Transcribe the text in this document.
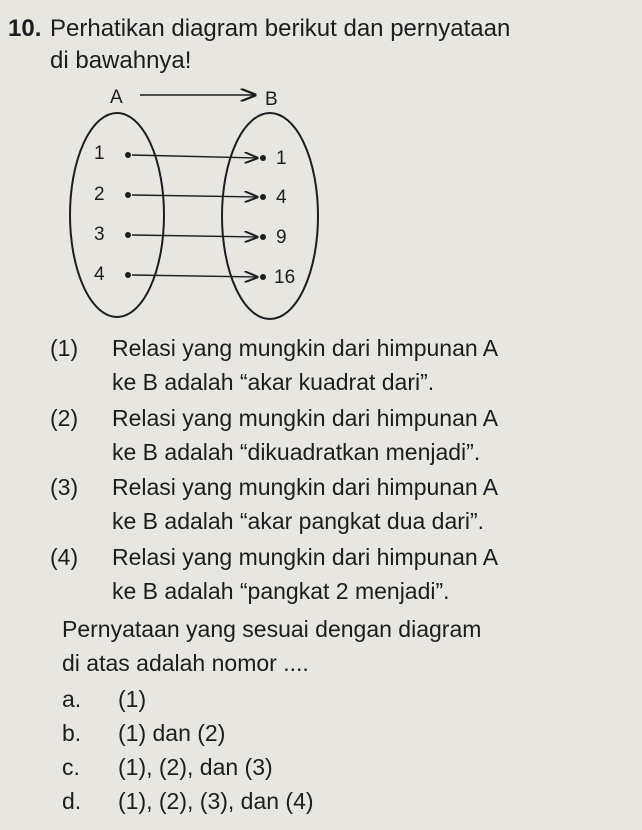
10. Perhatikan diagram berikut dan pernyataan
di bawahnya!
A	B
1
2
3
4
1
4
9
16
(1) Relasi yang mungkin dari himpunan A
ke B adalah “akar kuadrat dari”.
(2) Relasi yang mungkin dari himpunan A
ke B adalah “dikuadratkan menjadi”.
(3) Relasi yang mungkin dari himpunan A
ke B adalah “akar pangkat dua dari”.
(4) Relasi yang mungkin dari himpunan A
ke B adalah “pangkat 2 menjadi”.
Pernyataan yang sesuai dengan diagram
di atas adalah nomor ....
a. (1)
b. (1) dan (2)
c. (1), (2), dan (3)
d. (1), (2), (3), dan (4)
